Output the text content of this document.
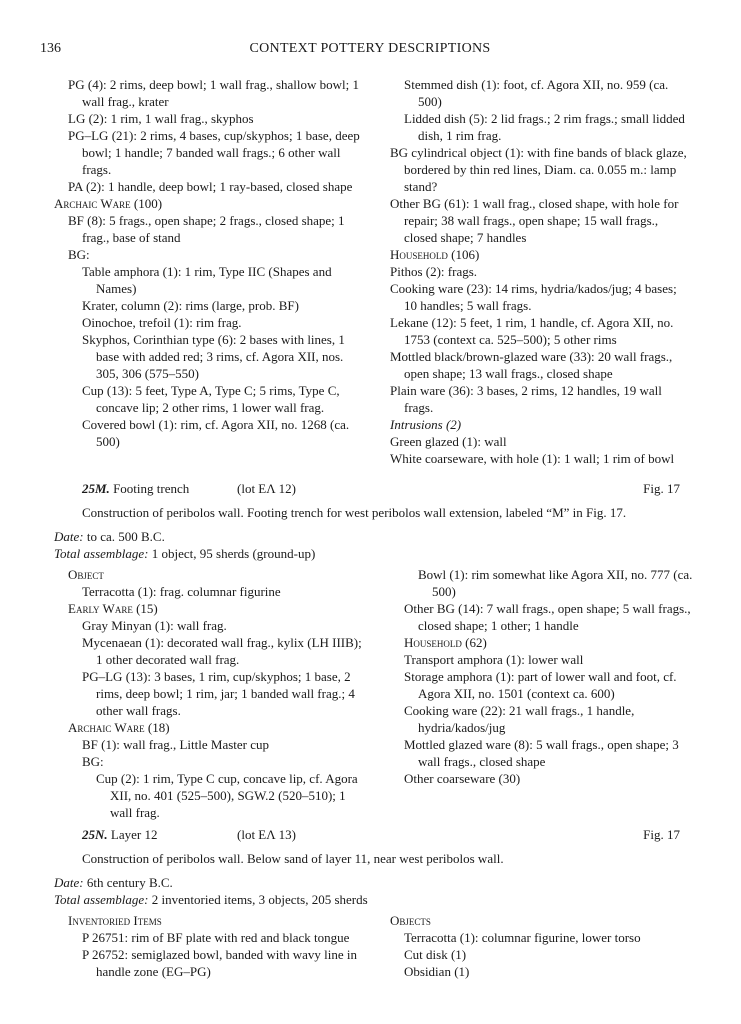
136	CONTEXT POTTERY DESCRIPTIONS

PG (4): 2 rims, deep bowl; 1 wall frag., shallow bowl; 1 wall frag., krater

LG (2): 1 rim, 1 wall frag., skyphos

PG–LG (21): 2 rims, 4 bases, cup/skyphos; 1 base, deep bowl; 1 handle; 7 banded wall frags.; 6 other wall frags.

PA (2): 1 handle, deep bowl; 1 ray-based, closed shape

Archaic Ware (100)

BF (8): 5 frags., open shape; 2 frags., closed shape; 1 frag., base of stand

BG:

Table amphora (1): 1 rim, Type IIC (Shapes and Names)

Krater, column (2): rims (large, prob. BF)

Oinochoe, trefoil (1): rim frag.

Skyphos, Corinthian type (6): 2 bases with lines, 1 base with added red; 3 rims, cf. Agora XII, nos. 305, 306 (575–550)

Cup (13): 5 feet, Type A, Type C; 5 rims, Type C, concave lip; 2 other rims, 1 lower wall frag.

Covered bowl (1): rim, cf. Agora XII, no. 1268 (ca. 500)

Stemmed dish (1): foot, cf. Agora XII, no. 959 (ca. 500)

Lidded dish (5): 2 lid frags.; 2 rim frags.; small lidded dish, 1 rim frag.

BG cylindrical object (1): with fine bands of black glaze, bordered by thin red lines, Diam. ca. 0.055 m.: lamp stand?

Other BG (61): 1 wall frag., closed shape, with hole for repair; 38 wall frags., open shape; 15 wall frags., closed shape; 7 handles

Household (106)

Pithos (2): frags.

Cooking ware (23): 14 rims, hydria/kados/jug; 4 bases; 10 handles; 5 wall frags.

Lekane (12): 5 feet, 1 rim, 1 handle, cf. Agora XII, no. 1753 (context ca. 525–500); 5 other rims

Mottled black/brown-glazed ware (33): 20 wall frags., open shape; 13 wall frags., closed shape

Plain ware (36): 3 bases, 2 rims, 12 handles, 19 wall frags.

Intrusions (2)

Green glazed (1): wall

White coarseware, with hole (1): 1 wall; 1 rim of bowl

25M. Footing trench	(lot EΛ 12)	Fig. 17
Construction of peribolos wall. Footing trench for west peribolos wall extension, labeled “M” in Fig. 17.
Date: to ca. 500 B.C.
Total assemblage: 1 object, 95 sherds (ground-up)

Object

Terracotta (1): frag. columnar figurine

Early Ware (15)

Gray Minyan (1): wall frag.

Mycenaean (1): decorated wall frag., kylix (LH IIIB); 1 other decorated wall frag.

PG–LG (13): 3 bases, 1 rim, cup/skyphos; 1 base, 2 rims, deep bowl; 1 rim, jar; 1 banded wall frag.; 4 other wall frags.

Archaic Ware (18)

BF (1): wall frag., Little Master cup

BG:

Cup (2): 1 rim, Type C cup, concave lip, cf. Agora XII, no. 401 (525–500), SGW.2 (520–510); 1 wall frag.

Bowl (1): rim somewhat like Agora XII, no. 777 (ca. 500)

Other BG (14): 7 wall frags., open shape; 5 wall frags., closed shape; 1 other; 1 handle

Household (62)

Transport amphora (1): lower wall

Storage amphora (1): part of lower wall and foot, cf. Agora XII, no. 1501 (context ca. 600)

Cooking ware (22): 21 wall frags., 1 handle, hydria/kados/jug

Mottled glazed ware (8): 5 wall frags., open shape; 3 wall frags., closed shape

Other coarseware (30)

25N. Layer 12	(lot EΛ 13)	Fig. 17
Construction of peribolos wall. Below sand of layer 11, near west peribolos wall.
Date: 6th century B.C.
Total assemblage: 2 inventoried items, 3 objects, 205 sherds

Inventoried Items

P 26751: rim of BF plate with red and black tongue

P 26752: semiglazed bowl, banded with wavy line in handle zone (EG–PG)

Objects

Terracotta (1): columnar figurine, lower torso

Cut disk (1)

Obsidian (1)
